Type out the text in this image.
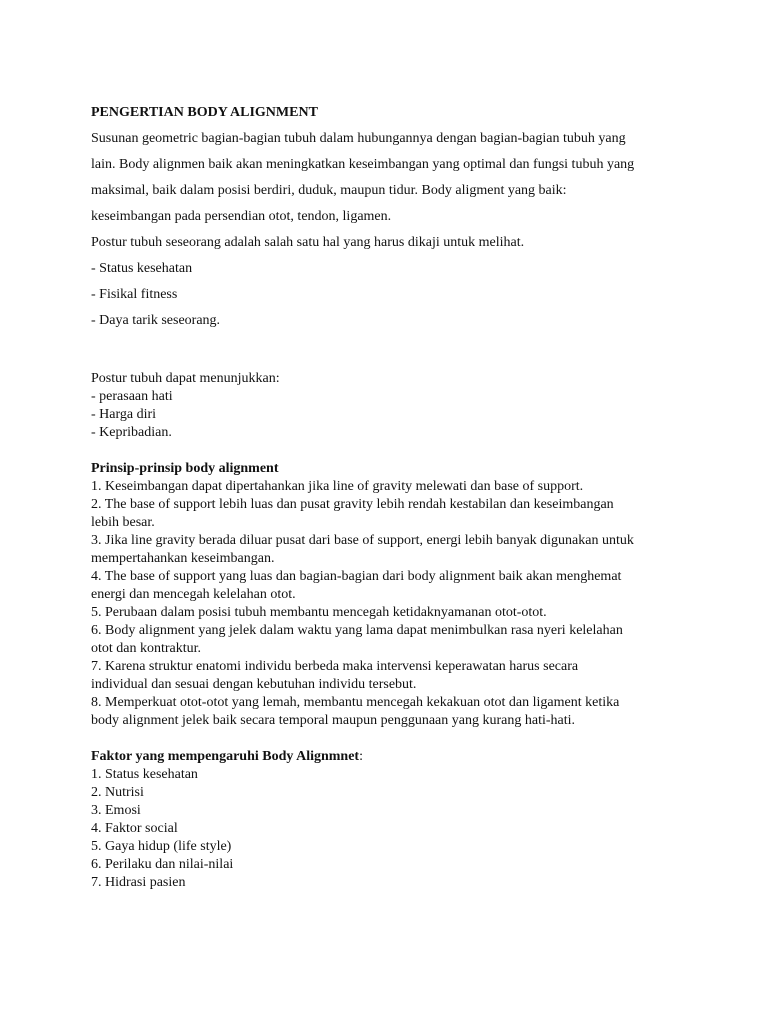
PENGERTIAN BODY ALIGNMENT
Susunan geometric bagian-bagian tubuh dalam hubungannya dengan bagian-bagian tubuh yang
lain. Body alignmen baik akan meningkatkan keseimbangan yang optimal dan fungsi tubuh yang
maksimal, baik dalam posisi berdiri, duduk, maupun tidur. Body aligment yang baik:
keseimbangan pada persendian otot, tendon, ligamen.
Postur tubuh seseorang adalah salah satu hal yang harus dikaji untuk melihat.
- Status kesehatan
- Fisikal fitness
- Daya tarik seseorang.
Postur tubuh dapat menunjukkan:
- perasaan hati
- Harga diri
- Kepribadian.
Prinsip-prinsip body alignment
1. Keseimbangan dapat dipertahankan jika line of gravity melewati dan base of support.
2. The base of support lebih luas dan pusat gravity lebih rendah kestabilan dan keseimbangan
lebih besar.
3. Jika line gravity berada diluar pusat dari base of support, energi lebih banyak digunakan untuk
mempertahankan keseimbangan.
4. The base of support yang luas dan bagian-bagian dari body alignment baik akan menghemat
energi dan mencegah kelelahan otot.
5. Perubaan dalam posisi tubuh membantu mencegah ketidaknyamanan otot-otot.
6. Body alignment yang jelek dalam waktu yang lama dapat menimbulkan rasa nyeri kelelahan
otot dan kontraktur.
7. Karena struktur enatomi individu berbeda maka intervensi keperawatan harus secara
individual dan sesuai dengan kebutuhan individu tersebut.
8. Memperkuat otot-otot yang lemah, membantu mencegah kekakuan otot dan ligament ketika
body alignment jelek baik secara temporal maupun penggunaan yang kurang hati-hati.
Faktor yang mempengaruhi Body Alignmnet:
1. Status kesehatan
2. Nutrisi
3. Emosi
4. Faktor social
5. Gaya hidup (life style)
6. Perilaku dan nilai-nilai
7. Hidrasi pasien
